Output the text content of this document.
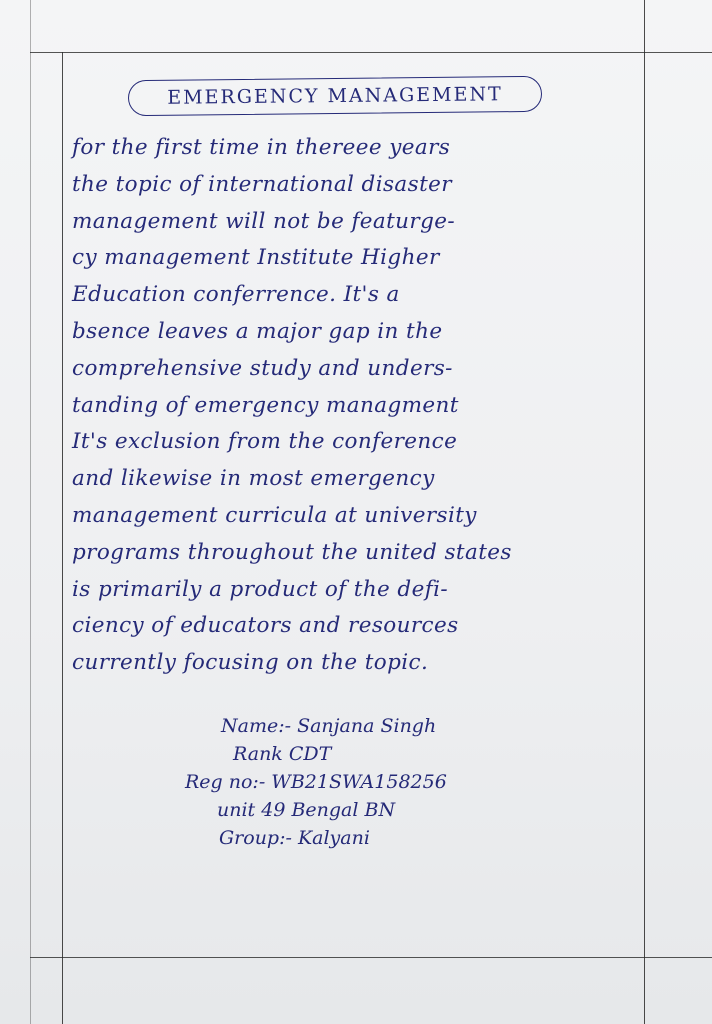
EMERGENCY MANAGEMENT
for the first time in thereee years
the topic of international disaster
management will not be featurge-
cy management Institute Higher
Education conferrence. It's a
bsence leaves a major gap in the
comprehensive study and unders-
tanding of emergency managment
It's exclusion from the conference
and likewise in most emergency
management curricula at university
programs throughout the united states
is primarily a product of the defi-
ciency of educators and resources
currently focusing on the topic.
Name:- Sanjana Singh
Rank CDT
Reg no:- WB21SWA158256
unit 49 Bengal BN
Group:- Kalyani
